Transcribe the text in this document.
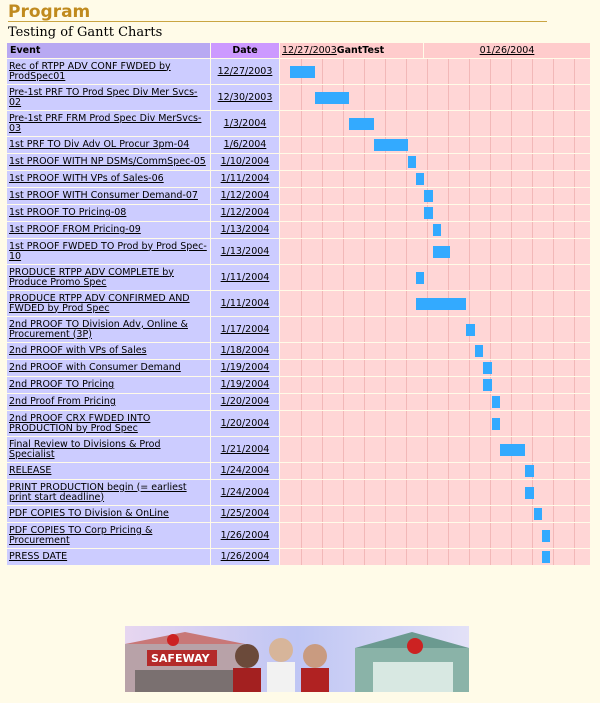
Program
Testing of Gantt Charts
Event	Date	12/27/2003GantTest	01/26/2004
Rec of RTPP ADV CONF FWDED by ProdSpec01	12/27/2003		

Pre-1st PRF TO Prod Spec Div Mer Svcs-02	12/30/2003		

Pre-1st PRF FRM Prod Spec Div MerSvcs-03	1/3/2004		

1st PRF TO Div Adv OL Procur 3pm-04	1/6/2004		

1st PROOF WITH NP DSMs/CommSpec-05	1/10/2004		

1st PROOF WITH VPs of Sales-06	1/11/2004		

1st PROOF WITH Consumer Demand-07	1/12/2004		

1st PROOF TO Pricing-08	1/12/2004		

1st PROOF FROM Pricing-09	1/13/2004		

1st PROOF FWDED TO Prod by Prod Spec-10	1/13/2004		

PRODUCE RTPP ADV COMPLETE by Produce Promo Spec	1/11/2004		

PRODUCE RTPP ADV CONFIRMED AND FWDED by Prod Spec	1/11/2004		

2nd PROOF TO Division Adv, Online & Procurement (3P)	1/17/2004		

2nd PROOF with VPs of Sales	1/18/2004		

2nd PROOF with Consumer Demand	1/19/2004		

2nd PROOF TO Pricing	1/19/2004		

2nd Proof From Pricing	1/20/2004		

2nd PROOF CRX FWDED INTO PRODUCTION by Prod Spec	1/20/2004		

Final Review to Divisions & Prod Specialist	1/21/2004		

RELEASE	1/24/2004		

PRINT PRODUCTION begin (= earliest print start deadline)	1/24/2004		

PDF COPIES TO Division & OnLine	1/25/2004		

PDF COPIES TO Corp Pricing & Procurement	1/26/2004		

PRESS DATE	1/26/2004		
SAFEWAY
